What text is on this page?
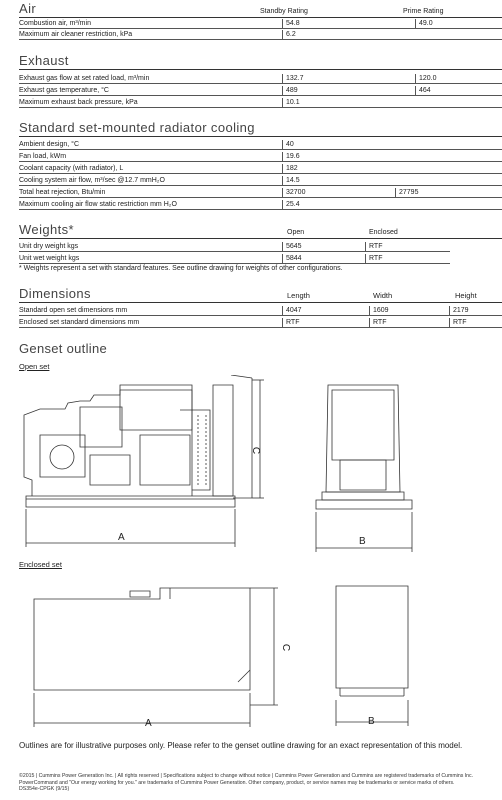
Air	Standby Rating	Prime Rating
Combustion air, m³/min	54.8	49.0
Maximum air cleaner restriction, kPa	6.2
Exhaust
Exhaust gas flow at set rated load, m³/min	132.7	120.0
Exhaust gas temperature, °C	489	464
Maximum exhaust back pressure, kPa	10.1
Standard set-mounted radiator cooling
Ambient design, °C	40
Fan load, kWm	19.6
Coolant capacity (with radiator), L	182
Cooling system air flow, m³/sec @12.7 mmH₂O	14.5
Total heat rejection, Btu/min	32700	27795
Maximum cooling air flow static restriction mm H₂O	25.4
Weights*	Open	Enclosed
Unit dry weight kgs	5645	RTF
Unit wet weight kgs	5844	RTF
* Weights represent a set with standard features. See outline drawing for weights of other configurations.
Dimensions	Length	Width	Height
Standard open set dimensions mm	4047	1609	2179
Enclosed set standard dimensions mm	RTF	RTF	RTF
Genset outline
Open set
A
C
B
Enclosed set
A
C
B
Outlines are for illustrative purposes only. Please refer to the genset outline drawing for an exact representation of this model.
©2015 | Cummins Power Generation Inc. | All rights reserved | Specifications subject to change without notice | Cummins Power Generation and Cummins are registered trademarks of Cummins Inc.
PowerCommand and "Our energy working for you." are trademarks of Cummins Power Generation. Other company, product, or service names may be trademarks or service marks of others.
DS354e-CPGK (9/15)
